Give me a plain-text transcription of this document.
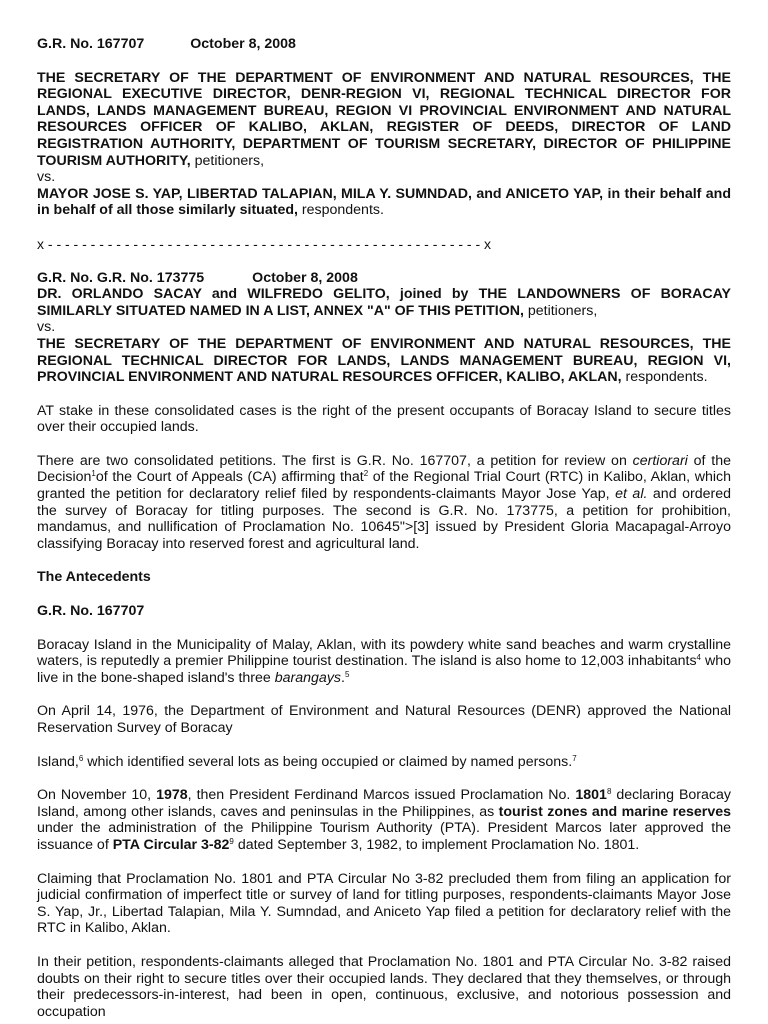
G.R. No. 167707	October 8, 2008
THE SECRETARY OF THE DEPARTMENT OF ENVIRONMENT AND NATURAL RESOURCES, THE REGIONAL EXECUTIVE DIRECTOR, DENR-REGION VI, REGIONAL TECHNICAL DIRECTOR FOR LANDS, LANDS MANAGEMENT BUREAU, REGION VI PROVINCIAL ENVIRONMENT AND NATURAL RESOURCES OFFICER OF KALIBO, AKLAN, REGISTER OF DEEDS, DIRECTOR OF LAND REGISTRATION AUTHORITY, DEPARTMENT OF TOURISM SECRETARY, DIRECTOR OF PHILIPPINE TOURISM AUTHORITY, petitioners,
vs.
MAYOR JOSE S. YAP, LIBERTAD TALAPIAN, MILA Y. SUMNDAD, and ANICETO YAP, in their behalf and in behalf of all those similarly situated, respondents.
x - - - - - - - - - - - - - - - - - - - - - - - - - - - - - - - - - - - - - - - - - - - - - - - - - - - x
G.R. No. G.R. No. 173775	October 8, 2008
DR. ORLANDO SACAY and WILFREDO GELITO, joined by THE LANDOWNERS OF BORACAY SIMILARLY SITUATED NAMED IN A LIST, ANNEX "A" OF THIS PETITION, petitioners,
vs.
THE SECRETARY OF THE DEPARTMENT OF ENVIRONMENT AND NATURAL RESOURCES, THE REGIONAL TECHNICAL DIRECTOR FOR LANDS, LANDS MANAGEMENT BUREAU, REGION VI, PROVINCIAL ENVIRONMENT AND NATURAL RESOURCES OFFICER, KALIBO, AKLAN, respondents.
AT stake in these consolidated cases is the right of the present occupants of Boracay Island to secure titles over their occupied lands.
There are two consolidated petitions. The first is G.R. No. 167707, a petition for review on certiorari of the Decision$^1$of the Court of Appeals (CA) affirming that$^2$ of the Regional Trial Court (RTC) in Kalibo, Aklan, which granted the petition for declaratory relief filed by respondents-claimants Mayor Jose Yap, et al. and ordered the survey of Boracay for titling purposes. The second is G.R. No. 173775, a petition for prohibition, mandamus, and nullification of Proclamation No. 10645">[3] issued by President Gloria Macapagal-Arroyo classifying Boracay into reserved forest and agricultural land.
The Antecedents
G.R. No. 167707
Boracay Island in the Municipality of Malay, Aklan, with its powdery white sand beaches and warm crystalline waters, is reputedly a premier Philippine tourist destination. The island is also home to 12,003 inhabitants$^4$ who live in the bone-shaped island's three barangays.$^5$
On April 14, 1976, the Department of Environment and Natural Resources (DENR) approved the National Reservation Survey of Boracay
Island,$^6$ which identified several lots as being occupied or claimed by named persons.$^7$
On November 10, 1978, then President Ferdinand Marcos issued Proclamation No. 1801$^8$ declaring Boracay Island, among other islands, caves and peninsulas in the Philippines, as tourist zones and marine reserves under the administration of the Philippine Tourism Authority (PTA). President Marcos later approved the issuance of PTA Circular $3-82^9$ dated September 3, 1982, to implement Proclamation No. 1801.
Claiming that Proclamation No. 1801 and PTA Circular No 3-82 precluded them from filing an application for judicial confirmation of imperfect title or survey of land for titling purposes, respondents-claimants Mayor Jose S. Yap, Jr., Libertad Talapian, Mila Y. Sumndad, and Aniceto Yap filed a petition for declaratory relief with the RTC in Kalibo, Aklan.
In their petition, respondents-claimants alleged that Proclamation No. 1801 and PTA Circular No. 3-82 raised doubts on their right to secure titles over their occupied lands. They declared that they themselves, or through their predecessors-in-interest, had been in open, continuous, exclusive, and notorious possession and occupation
